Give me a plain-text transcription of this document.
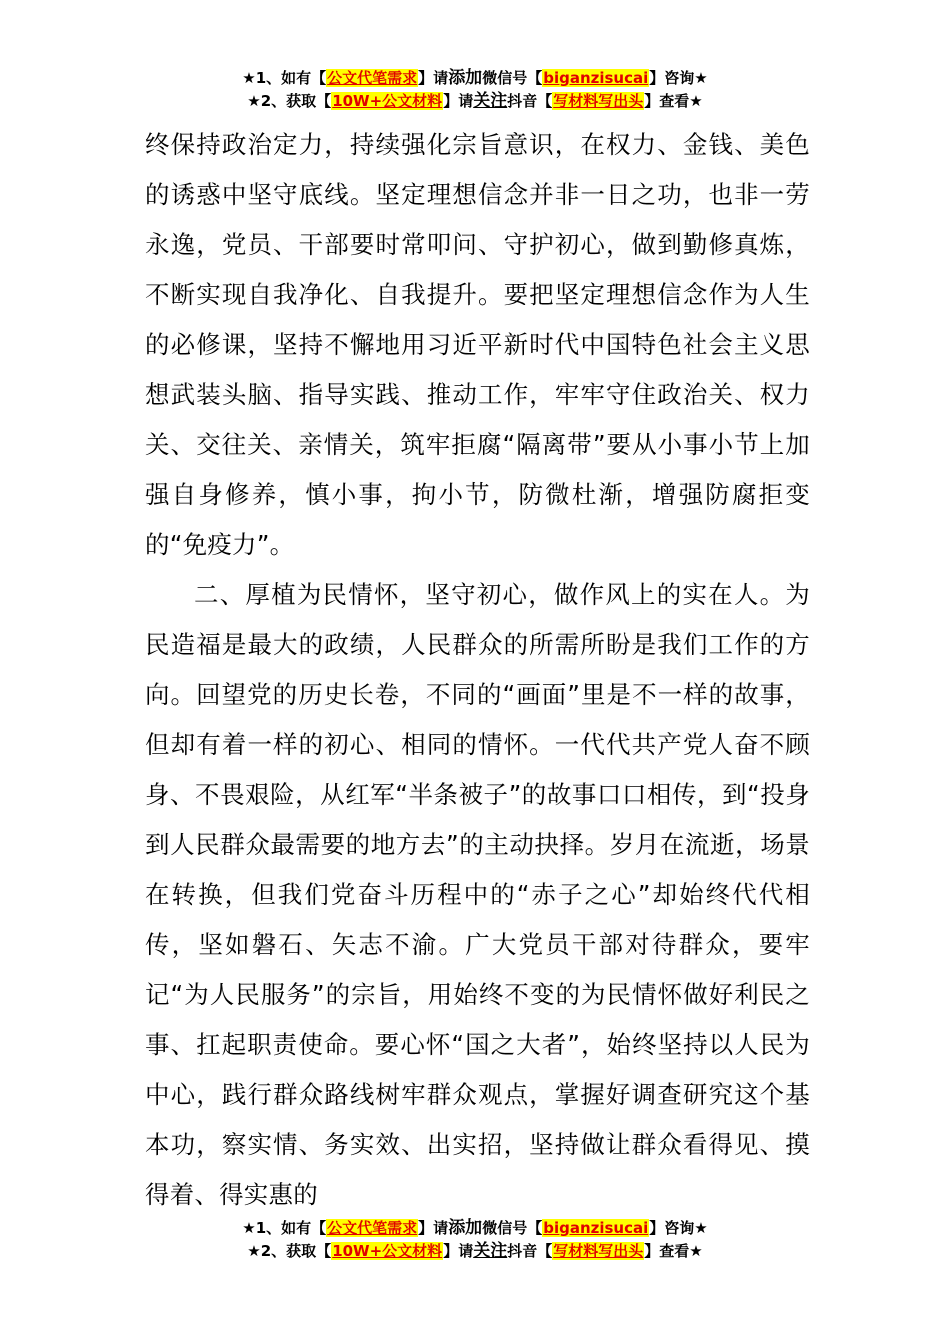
★1、如有【公文代笔需求】请添加微信号【biganzisucai】咨询★
★2、获取【10W+公文材料】请关注抖音【写材料写出头】查看★

终保持政治定力，持续强化宗旨意识，在权力、金钱、美色的诱惑中坚守底线。坚定理想信念并非一日之功，也非一劳永逸，党员、干部要时常叩问、守护初心，做到勤修真炼，不断实现自我净化、自我提升。要把坚定理想信念作为人生的必修课，坚持不懈地用习近平新时代中国特色社会主义思想武装头脑、指导实践、推动工作，牢牢守住政治关、权力关、交往关、亲情关，筑牢拒腐“隔离带”要从小事小节上加强自身修养，慎小事，拘小节，防微杜渐，增强防腐拒变的“免疫力”。

二、厚植为民情怀，坚守初心，做作风上的实在人。为民造福是最大的政绩，人民群众的所需所盼是我们工作的方向。回望党的历史长卷，不同的“画面”里是不一样的故事，但却有着一样的初心、相同的情怀。一代代共产党人奋不顾身、不畏艰险，从红军“半条被子”的故事口口相传，到“投身到人民群众最需要的地方去”的主动抉择。岁月在流逝，场景在转换，但我们党奋斗历程中的“赤子之心”却始终代代相传，坚如磐石、矢志不渝。广大党员干部对待群众，要牢记“为人民服务”的宗旨，用始终不变的为民情怀做好利民之事、扛起职责使命。要心怀“国之大者”，始终坚持以人民为中心，践行群众路线树牢群众观点，掌握好调查研究这个基本功，察实情、务实效、出实招，坚持做让群众看得见、摸得着、得实惠的

★1、如有【公文代笔需求】请添加微信号【biganzisucai】咨询★
★2、获取【10W+公文材料】请关注抖音【写材料写出头】查看★
